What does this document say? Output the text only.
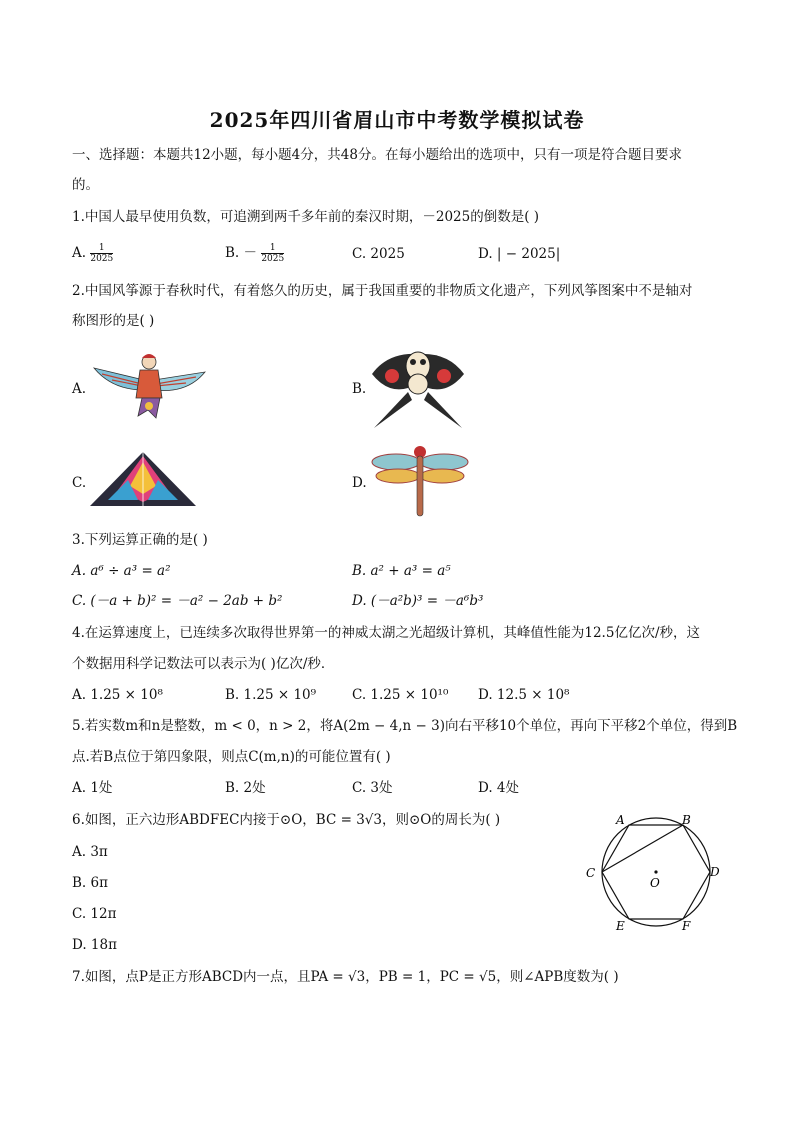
2025年四川省眉山市中考数学模拟试卷
一、选择题：本题共12小题，每小题4分，共48分。在每小题给出的选项中，只有一项是符合题目要求
的。
1.中国人最早使用负数，可追溯到两千多年前的秦汉时期，－2025的倒数是( )
A. $\frac{1}{2025}$	B. － $\frac{1}{2025}$	C. 2025	D. | − 2025|
2.中国风筝源于春秋时代，有着悠久的历史，属于我国重要的非物质文化遗产，下列风筝图案中不是轴对
称图形的是( )
A.	B.
C.	D.
3.下列运算正确的是( )
A. a⁶ ÷ a³ = a²	B. a² + a³ = a⁵
C. (－a + b)² = －a² − 2ab + b²	D. (－a²b)³ = －a⁶b³
4.在运算速度上，已连续多次取得世界第一的神威太湖之光超级计算机，其峰值性能为12.5亿亿次/秒，这
个数据用科学记数法可以表示为( )亿次/秒．
A. 1.25 × 10⁸	B. 1.25 × 10⁹	C. 1.25 × 10¹⁰ D. 12.5 × 10⁸
5.若实数m和n是整数，m < 0，n > 2，将A(2m − 4,n − 3)向右平移10个单位，再向下平移2个单位，得到B
点.若B点位于第四象限，则点C(m,n)的可能位置有( )
A. 1处	B. 2处	C. 3处	D. 4处
6.如图，正六边形ABDFEC内接于⊙O，BC = 3√3，则⊙O的周长为( )
A. 3π
B. 6π
C. 12π
D. 18π
A	B
C	D
E	F
O
7.如图，点P是正方形ABCD内一点，且PA = √3，PB = 1，PC = √5，则∠APB度数为( )
